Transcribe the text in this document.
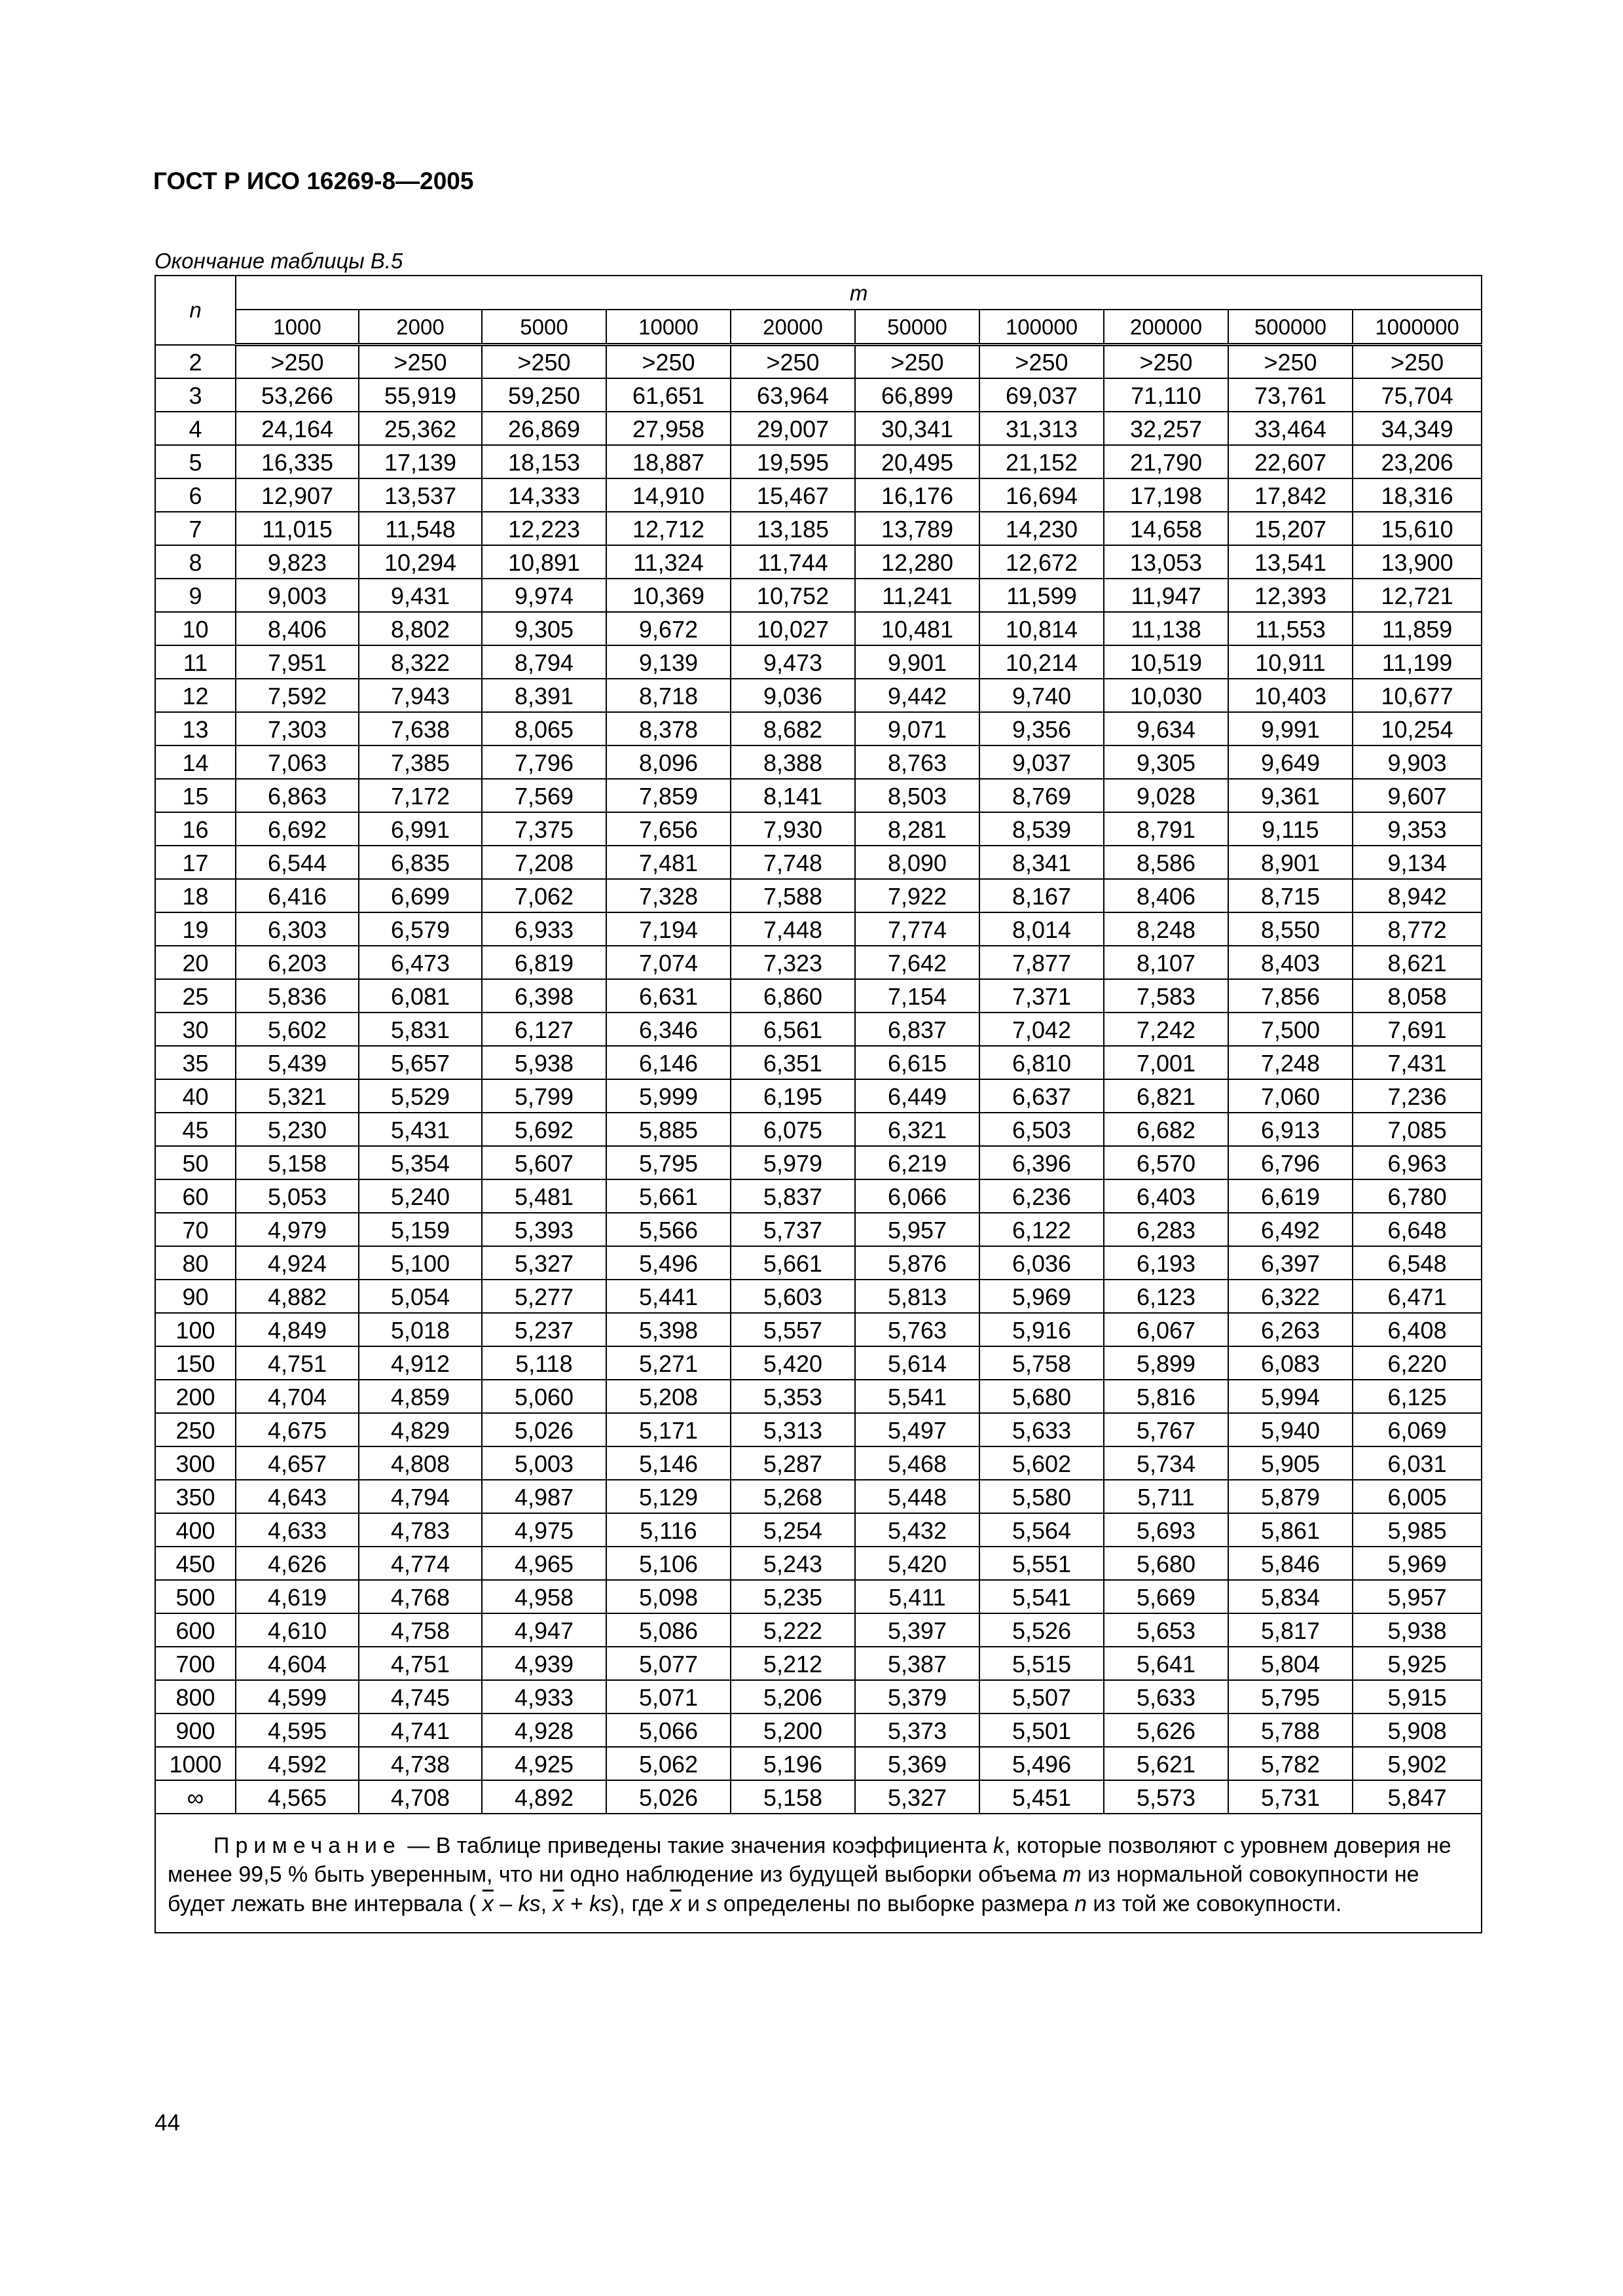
ГОСТ Р ИСО 16269-8—2005
Окончание таблицы В.5
n	m									
	1000	2000	5000	10000	20000	50000	100000	200000	500000	1000000
2	>250	>250	>250	>250	>250	>250	>250	>250	>250	>250
3	53,266	55,919	59,250	61,651	63,964	66,899	69,037	71,110	73,761	75,704
4	24,164	25,362	26,869	27,958	29,007	30,341	31,313	32,257	33,464	34,349
5	16,335	17,139	18,153	18,887	19,595	20,495	21,152	21,790	22,607	23,206
6	12,907	13,537	14,333	14,910	15,467	16,176	16,694	17,198	17,842	18,316
7	11,015	11,548	12,223	12,712	13,185	13,789	14,230	14,658	15,207	15,610
8	9,823	10,294	10,891	11,324	11,744	12,280	12,672	13,053	13,541	13,900
9	9,003	9,431	9,974	10,369	10,752	11,241	11,599	11,947	12,393	12,721
10	8,406	8,802	9,305	9,672	10,027	10,481	10,814	11,138	11,553	11,859
11	7,951	8,322	8,794	9,139	9,473	9,901	10,214	10,519	10,911	11,199
12	7,592	7,943	8,391	8,718	9,036	9,442	9,740	10,030	10,403	10,677
13	7,303	7,638	8,065	8,378	8,682	9,071	9,356	9,634	9,991	10,254
14	7,063	7,385	7,796	8,096	8,388	8,763	9,037	9,305	9,649	9,903
15	6,863	7,172	7,569	7,859	8,141	8,503	8,769	9,028	9,361	9,607
16	6,692	6,991	7,375	7,656	7,930	8,281	8,539	8,791	9,115	9,353
17	6,544	6,835	7,208	7,481	7,748	8,090	8,341	8,586	8,901	9,134
18	6,416	6,699	7,062	7,328	7,588	7,922	8,167	8,406	8,715	8,942
19	6,303	6,579	6,933	7,194	7,448	7,774	8,014	8,248	8,550	8,772
20	6,203	6,473	6,819	7,074	7,323	7,642	7,877	8,107	8,403	8,621
25	5,836	6,081	6,398	6,631	6,860	7,154	7,371	7,583	7,856	8,058
30	5,602	5,831	6,127	6,346	6,561	6,837	7,042	7,242	7,500	7,691
35	5,439	5,657	5,938	6,146	6,351	6,615	6,810	7,001	7,248	7,431
40	5,321	5,529	5,799	5,999	6,195	6,449	6,637	6,821	7,060	7,236
45	5,230	5,431	5,692	5,885	6,075	6,321	6,503	6,682	6,913	7,085
50	5,158	5,354	5,607	5,795	5,979	6,219	6,396	6,570	6,796	6,963
60	5,053	5,240	5,481	5,661	5,837	6,066	6,236	6,403	6,619	6,780
70	4,979	5,159	5,393	5,566	5,737	5,957	6,122	6,283	6,492	6,648
80	4,924	5,100	5,327	5,496	5,661	5,876	6,036	6,193	6,397	6,548
90	4,882	5,054	5,277	5,441	5,603	5,813	5,969	6,123	6,322	6,471
100	4,849	5,018	5,237	5,398	5,557	5,763	5,916	6,067	6,263	6,408
150	4,751	4,912	5,118	5,271	5,420	5,614	5,758	5,899	6,083	6,220
200	4,704	4,859	5,060	5,208	5,353	5,541	5,680	5,816	5,994	6,125
250	4,675	4,829	5,026	5,171	5,313	5,497	5,633	5,767	5,940	6,069
300	4,657	4,808	5,003	5,146	5,287	5,468	5,602	5,734	5,905	6,031
350	4,643	4,794	4,987	5,129	5,268	5,448	5,580	5,711	5,879	6,005
400	4,633	4,783	4,975	5,116	5,254	5,432	5,564	5,693	5,861	5,985
450	4,626	4,774	4,965	5,106	5,243	5,420	5,551	5,680	5,846	5,969
500	4,619	4,768	4,958	5,098	5,235	5,411	5,541	5,669	5,834	5,957
600	4,610	4,758	4,947	5,086	5,222	5,397	5,526	5,653	5,817	5,938
700	4,604	4,751	4,939	5,077	5,212	5,387	5,515	5,641	5,804	5,925
800	4,599	4,745	4,933	5,071	5,206	5,379	5,507	5,633	5,795	5,915
900	4,595	4,741	4,928	5,066	5,200	5,373	5,501	5,626	5,788	5,908
1000	4,592	4,738	4,925	5,062	5,196	5,369	5,496	5,621	5,782	5,902
∞	4,565	4,708	4,892	5,026	5,158	5,327	5,451	5,573	5,731	5,847
Примечание — В таблице приведены такие значения коэффициента k, которые позволяют с уровнем доверия не менее 99,5 % быть уверенным, что ни одно наблюдение из будущей выборки объема m из нормальной совокупности не будет лежать вне интервала ( $\overline{x}$ – ks, $\overline{x} + ks$), где $\overline{x}$ и s определены по выборке размера n из той же совокупности.										
44
